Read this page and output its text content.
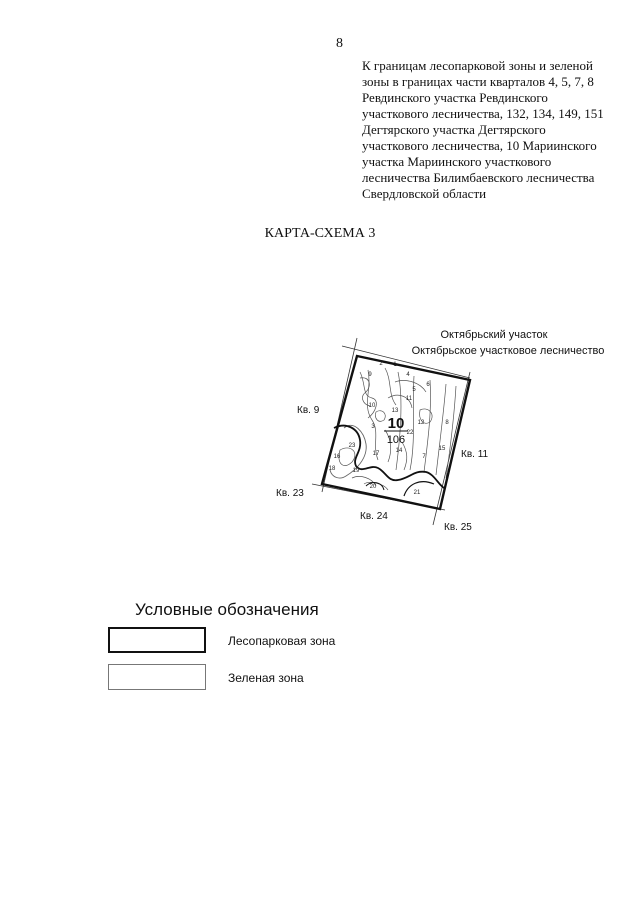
8
К границам лесопарковой зоны и зеленой
зоны в границах части кварталов 4, 5, 7, 8
Ревдинского участка Ревдинского
участкового лесничества, 132, 134, 149, 151
Дегтярского участка Дегтярского
участкового лесничества, 10 Мариинского
участка Мариинского участкового
лесничества Билимбаевского лесничества
Свердловской области
КАРТА-СХЕМА 3
10
106
1
2
3
4
5
6
7
8
9
10
11
12
13
14	15
16	17
18	19
20
21
22
23
Октябрьский участок
Октябрьское участковое лесничество
Кв. 9
Кв. 11
Кв. 23
Кв. 24
Кв. 25
Условные обозначения
Лесопарковая зона
Зеленая зона
